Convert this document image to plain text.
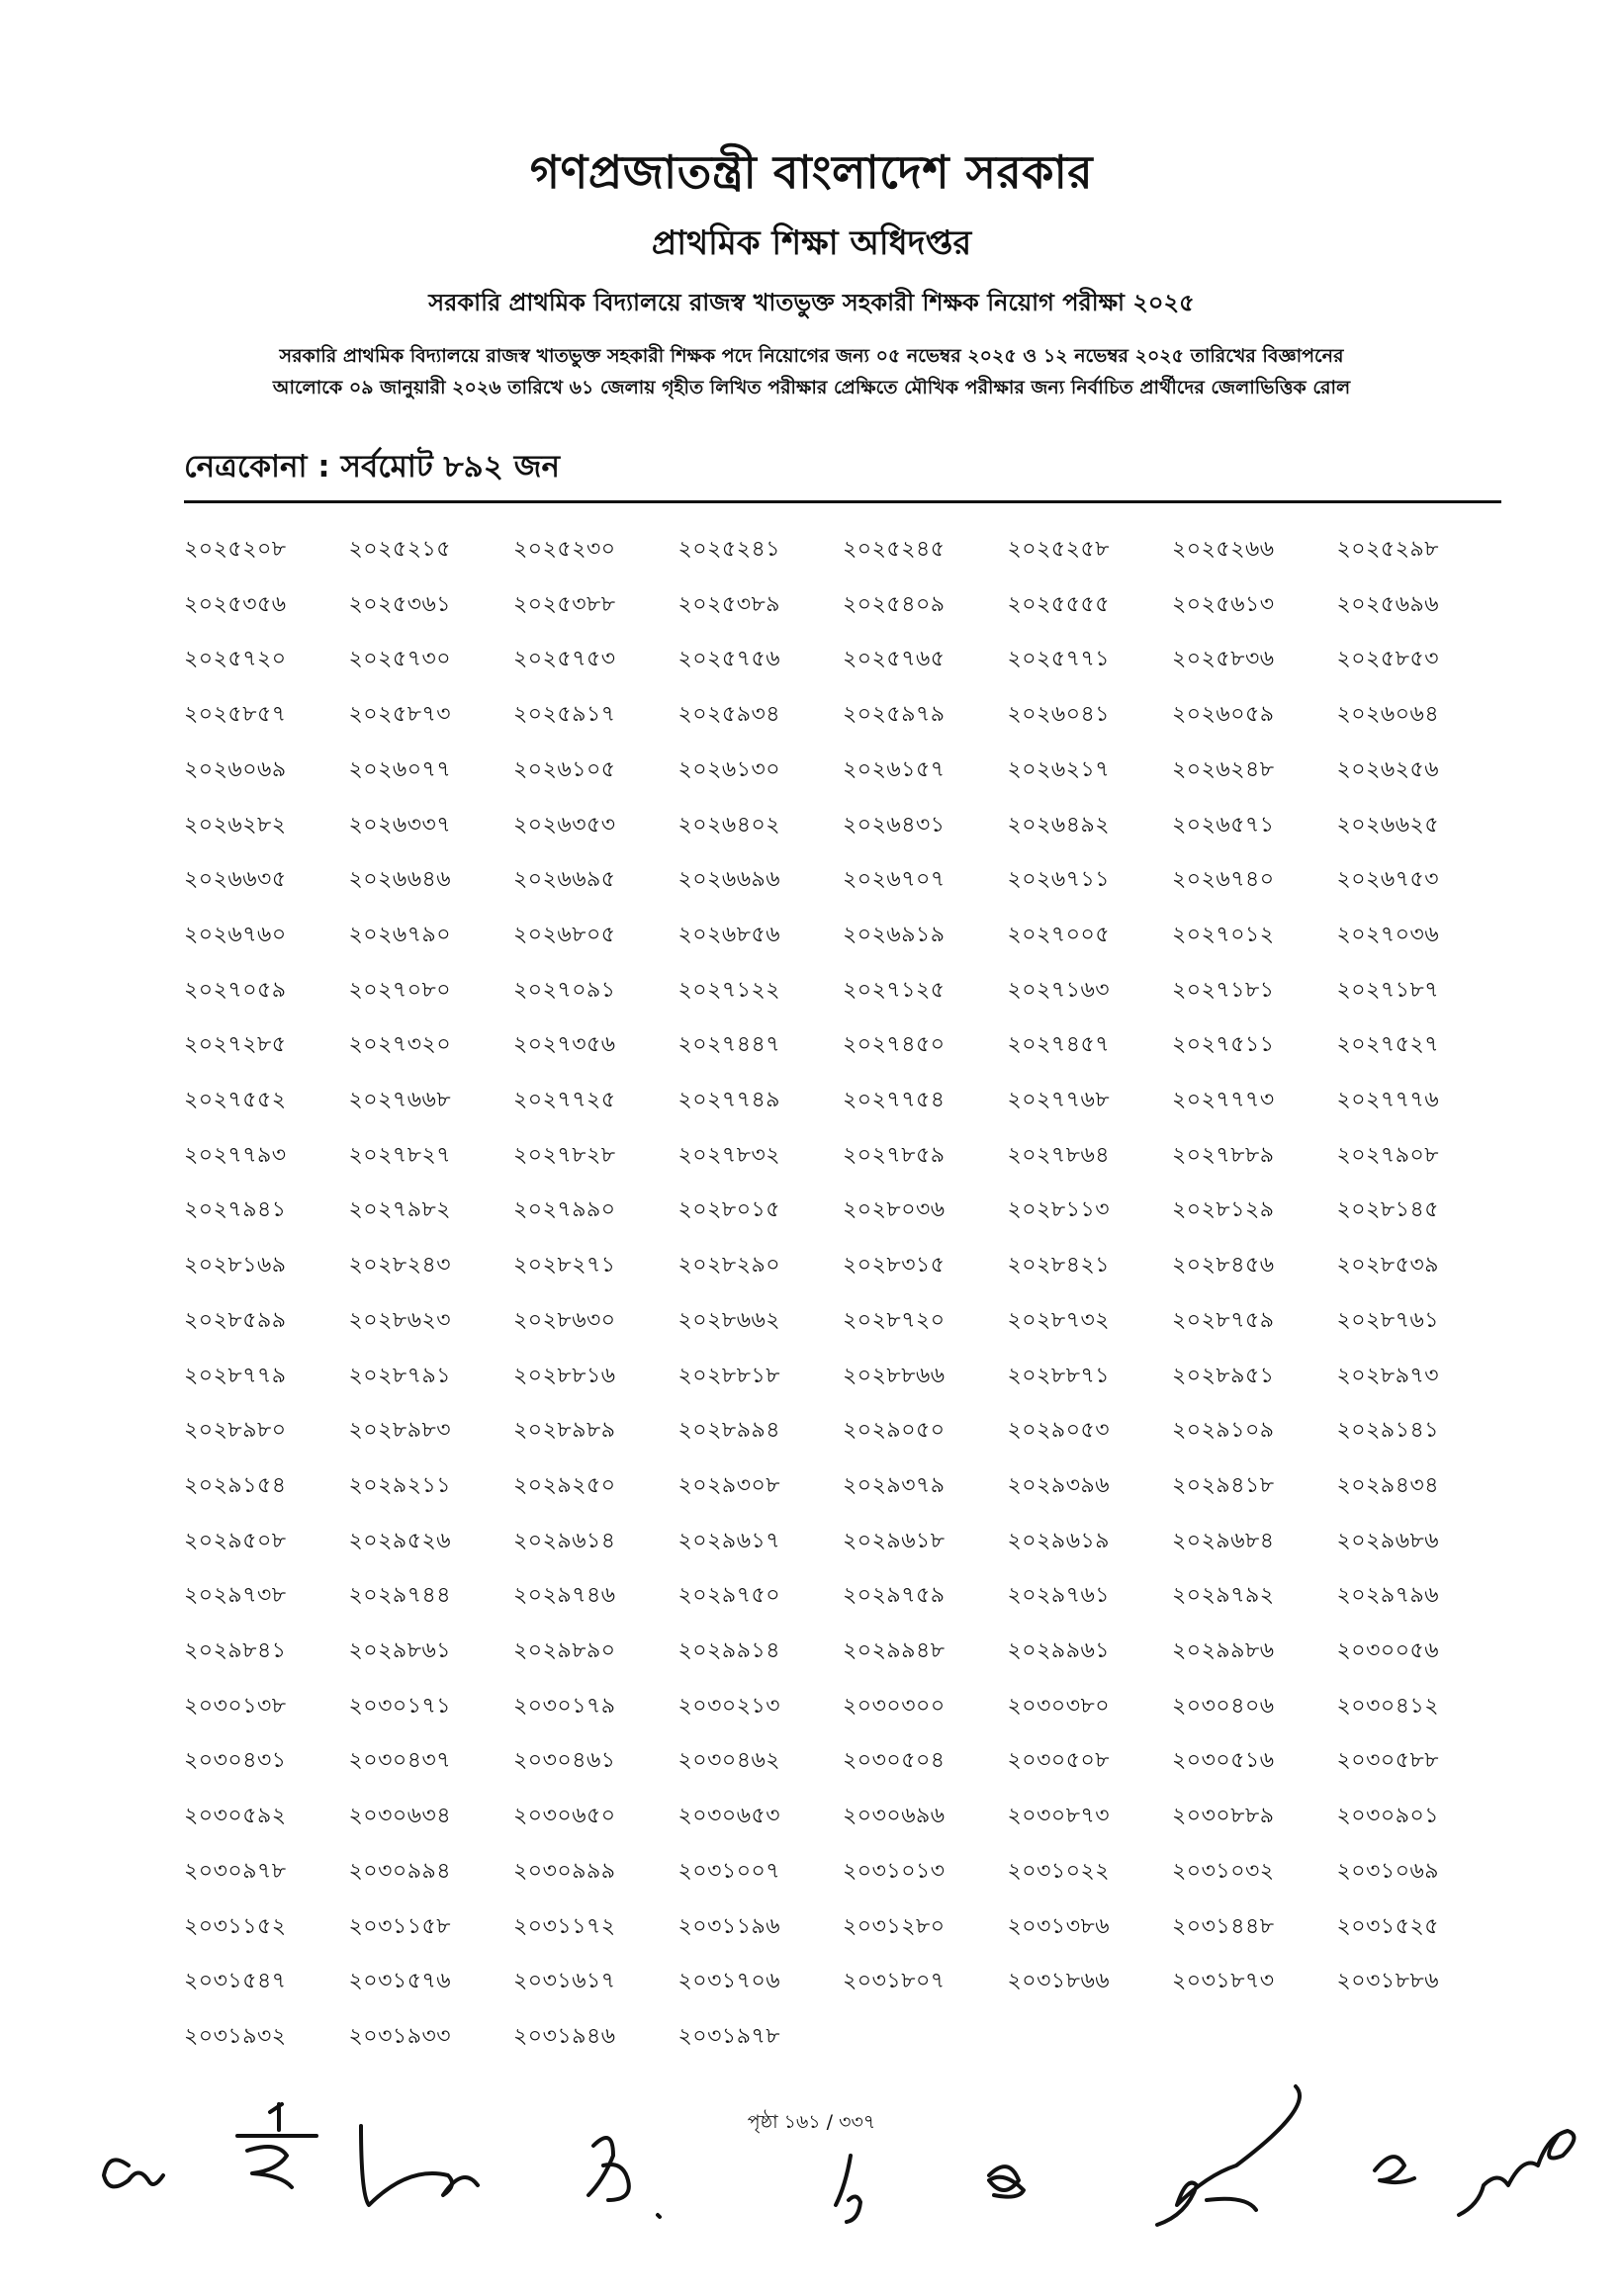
গণপ্রজাতন্ত্রী বাংলাদেশ সরকার
প্রাথমিক শিক্ষা অধিদপ্তর
সরকারি প্রাথমিক বিদ্যালয়ে রাজস্ব খাতভুক্ত সহকারী শিক্ষক নিয়োগ পরীক্ষা ২০২৫
সরকারি প্রাথমিক বিদ্যালয়ে রাজস্ব খাতভুক্ত সহকারী শিক্ষক পদে নিয়োগের জন্য ০৫ নভেম্বর ২০২৫ ও ১২ নভেম্বর ২০২৫ তারিখের বিজ্ঞাপনের
আলোকে ০৯ জানুয়ারী ২০২৬ তারিখে ৬১ জেলায় গৃহীত লিখিত পরীক্ষার প্রেক্ষিতে মৌখিক পরীক্ষার জন্য নির্বাচিত প্রার্থীদের জেলাভিত্তিক রোল
নেত্রকোনা : সর্বমোট ৮৯২ জন
২০২৫২০৮	২০২৫২১৫	২০২৫২৩০	২০২৫২৪১	২০২৫২৪৫	২০২৫২৫৮	২০২৫২৬৬	২০২৫২৯৮
২০২৫৩৫৬	২০২৫৩৬১	২০২৫৩৮৮	২০২৫৩৮৯	২০২৫৪০৯	২০২৫৫৫৫	২০২৫৬১৩	২০২৫৬৯৬
২০২৫৭২০	২০২৫৭৩০	২০২৫৭৫৩	২০২৫৭৫৬	২০২৫৭৬৫	২০২৫৭৭১	২০২৫৮৩৬	২০২৫৮৫৩
২০২৫৮৫৭	২০২৫৮৭৩	২০২৫৯১৭	২০২৫৯৩৪	২০২৫৯৭৯	২০২৬০৪১	২০২৬০৫৯	২০২৬০৬৪
২০২৬০৬৯	২০২৬০৭৭	২০২৬১০৫	২০২৬১৩০	২০২৬১৫৭	২০২৬২১৭	২০২৬২৪৮	২০২৬২৫৬
২০২৬২৮২	২০২৬৩৩৭	২০২৬৩৫৩	২০২৬৪০২	২০২৬৪৩১	২০২৬৪৯২	২০২৬৫৭১	২০২৬৬২৫
২০২৬৬৩৫	২০২৬৬৪৬	২০২৬৬৯৫	২০২৬৬৯৬	২০২৬৭০৭	২০২৬৭১১	২০২৬৭৪০	২০২৬৭৫৩
২০২৬৭৬০	২০২৬৭৯০	২০২৬৮০৫	২০২৬৮৫৬	২০২৬৯১৯	২০২৭০০৫	২০২৭০১২	২০২৭০৩৬
২০২৭০৫৯	২০২৭০৮০	২০২৭০৯১	২০২৭১২২	২০২৭১২৫	২০২৭১৬৩	২০২৭১৮১	২০২৭১৮৭
২০২৭২৮৫	২০২৭৩২০	২০২৭৩৫৬	২০২৭৪৪৭	২০২৭৪৫০	২০২৭৪৫৭	২০২৭৫১১	২০২৭৫২৭
২০২৭৫৫২	২০২৭৬৬৮	২০২৭৭২৫	২০২৭৭৪৯	২০২৭৭৫৪	২০২৭৭৬৮	২০২৭৭৭৩	২০২৭৭৭৬
২০২৭৭৯৩	২০২৭৮২৭	২০২৭৮২৮	২০২৭৮৩২	২০২৭৮৫৯	২০২৭৮৬৪	২০২৭৮৮৯	২০২৭৯০৮
২০২৭৯৪১	২০২৭৯৮২	২০২৭৯৯০	২০২৮০১৫	২০২৮০৩৬	২০২৮১১৩	২০২৮১২৯	২০২৮১৪৫
২০২৮১৬৯	২০২৮২৪৩	২০২৮২৭১	২০২৮২৯০	২০২৮৩১৫	২০২৮৪২১	২০২৮৪৫৬	২০২৮৫৩৯
২০২৮৫৯৯	২০২৮৬২৩	২০২৮৬৩০	২০২৮৬৬২	২০২৮৭২০	২০২৮৭৩২	২০২৮৭৫৯	২০২৮৭৬১
২০২৮৭৭৯	২০২৮৭৯১	২০২৮৮১৬	২০২৮৮১৮	২০২৮৮৬৬	২০২৮৮৭১	২০২৮৯৫১	২০২৮৯৭৩
২০২৮৯৮০	২০২৮৯৮৩	২০২৮৯৮৯	২০২৮৯৯৪	২০২৯০৫০	২০২৯০৫৩	২০২৯১০৯	২০২৯১৪১
২০২৯১৫৪	২০২৯২১১	২০২৯২৫০	২০২৯৩০৮	২০২৯৩৭৯	২০২৯৩৯৬	২০২৯৪১৮	২০২৯৪৩৪
২০২৯৫০৮	২০২৯৫২৬	২০২৯৬১৪	২০২৯৬১৭	২০২৯৬১৮	২০২৯৬১৯	২০২৯৬৮৪	২০২৯৬৮৬
২০২৯৭৩৮	২০২৯৭৪৪	২০২৯৭৪৬	২০২৯৭৫০	২০২৯৭৫৯	২০২৯৭৬১	২০২৯৭৯২	২০২৯৭৯৬
২০২৯৮৪১	২০২৯৮৬১	২০২৯৮৯০	২০২৯৯১৪	২০২৯৯৪৮	২০২৯৯৬১	২০২৯৯৮৬	২০৩০০৫৬
২০৩০১৩৮	২০৩০১৭১	২০৩০১৭৯	২০৩০২১৩	২০৩০৩০০	২০৩০৩৮০	২০৩০৪০৬	২০৩০৪১২
২০৩০৪৩১	২০৩০৪৩৭	২০৩০৪৬১	২০৩০৪৬২	২০৩০৫০৪	২০৩০৫০৮	২০৩০৫১৬	২০৩০৫৮৮
২০৩০৫৯২	২০৩০৬৩৪	২০৩০৬৫০	২০৩০৬৫৩	২০৩০৬৯৬	২০৩০৮৭৩	২০৩০৮৮৯	২০৩০৯০১
২০৩০৯৭৮	২০৩০৯৯৪	২০৩০৯৯৯	২০৩১০০৭	২০৩১০১৩	২০৩১০২২	২০৩১০৩২	২০৩১০৬৯
২০৩১১৫২	২০৩১১৫৮	২০৩১১৭২	২০৩১১৯৬	২০৩১২৮০	২০৩১৩৮৬	২০৩১৪৪৮	২০৩১৫২৫
২০৩১৫৪৭	২০৩১৫৭৬	২০৩১৬১৭	২০৩১৭০৬	২০৩১৮০৭	২০৩১৮৬৬	২০৩১৮৭৩	২০৩১৮৮৬
২০৩১৯৩২	২০৩১৯৩৩	২০৩১৯৪৬	২০৩১৯৭৮
পৃষ্ঠা ১৬১ / ৩৩৭
